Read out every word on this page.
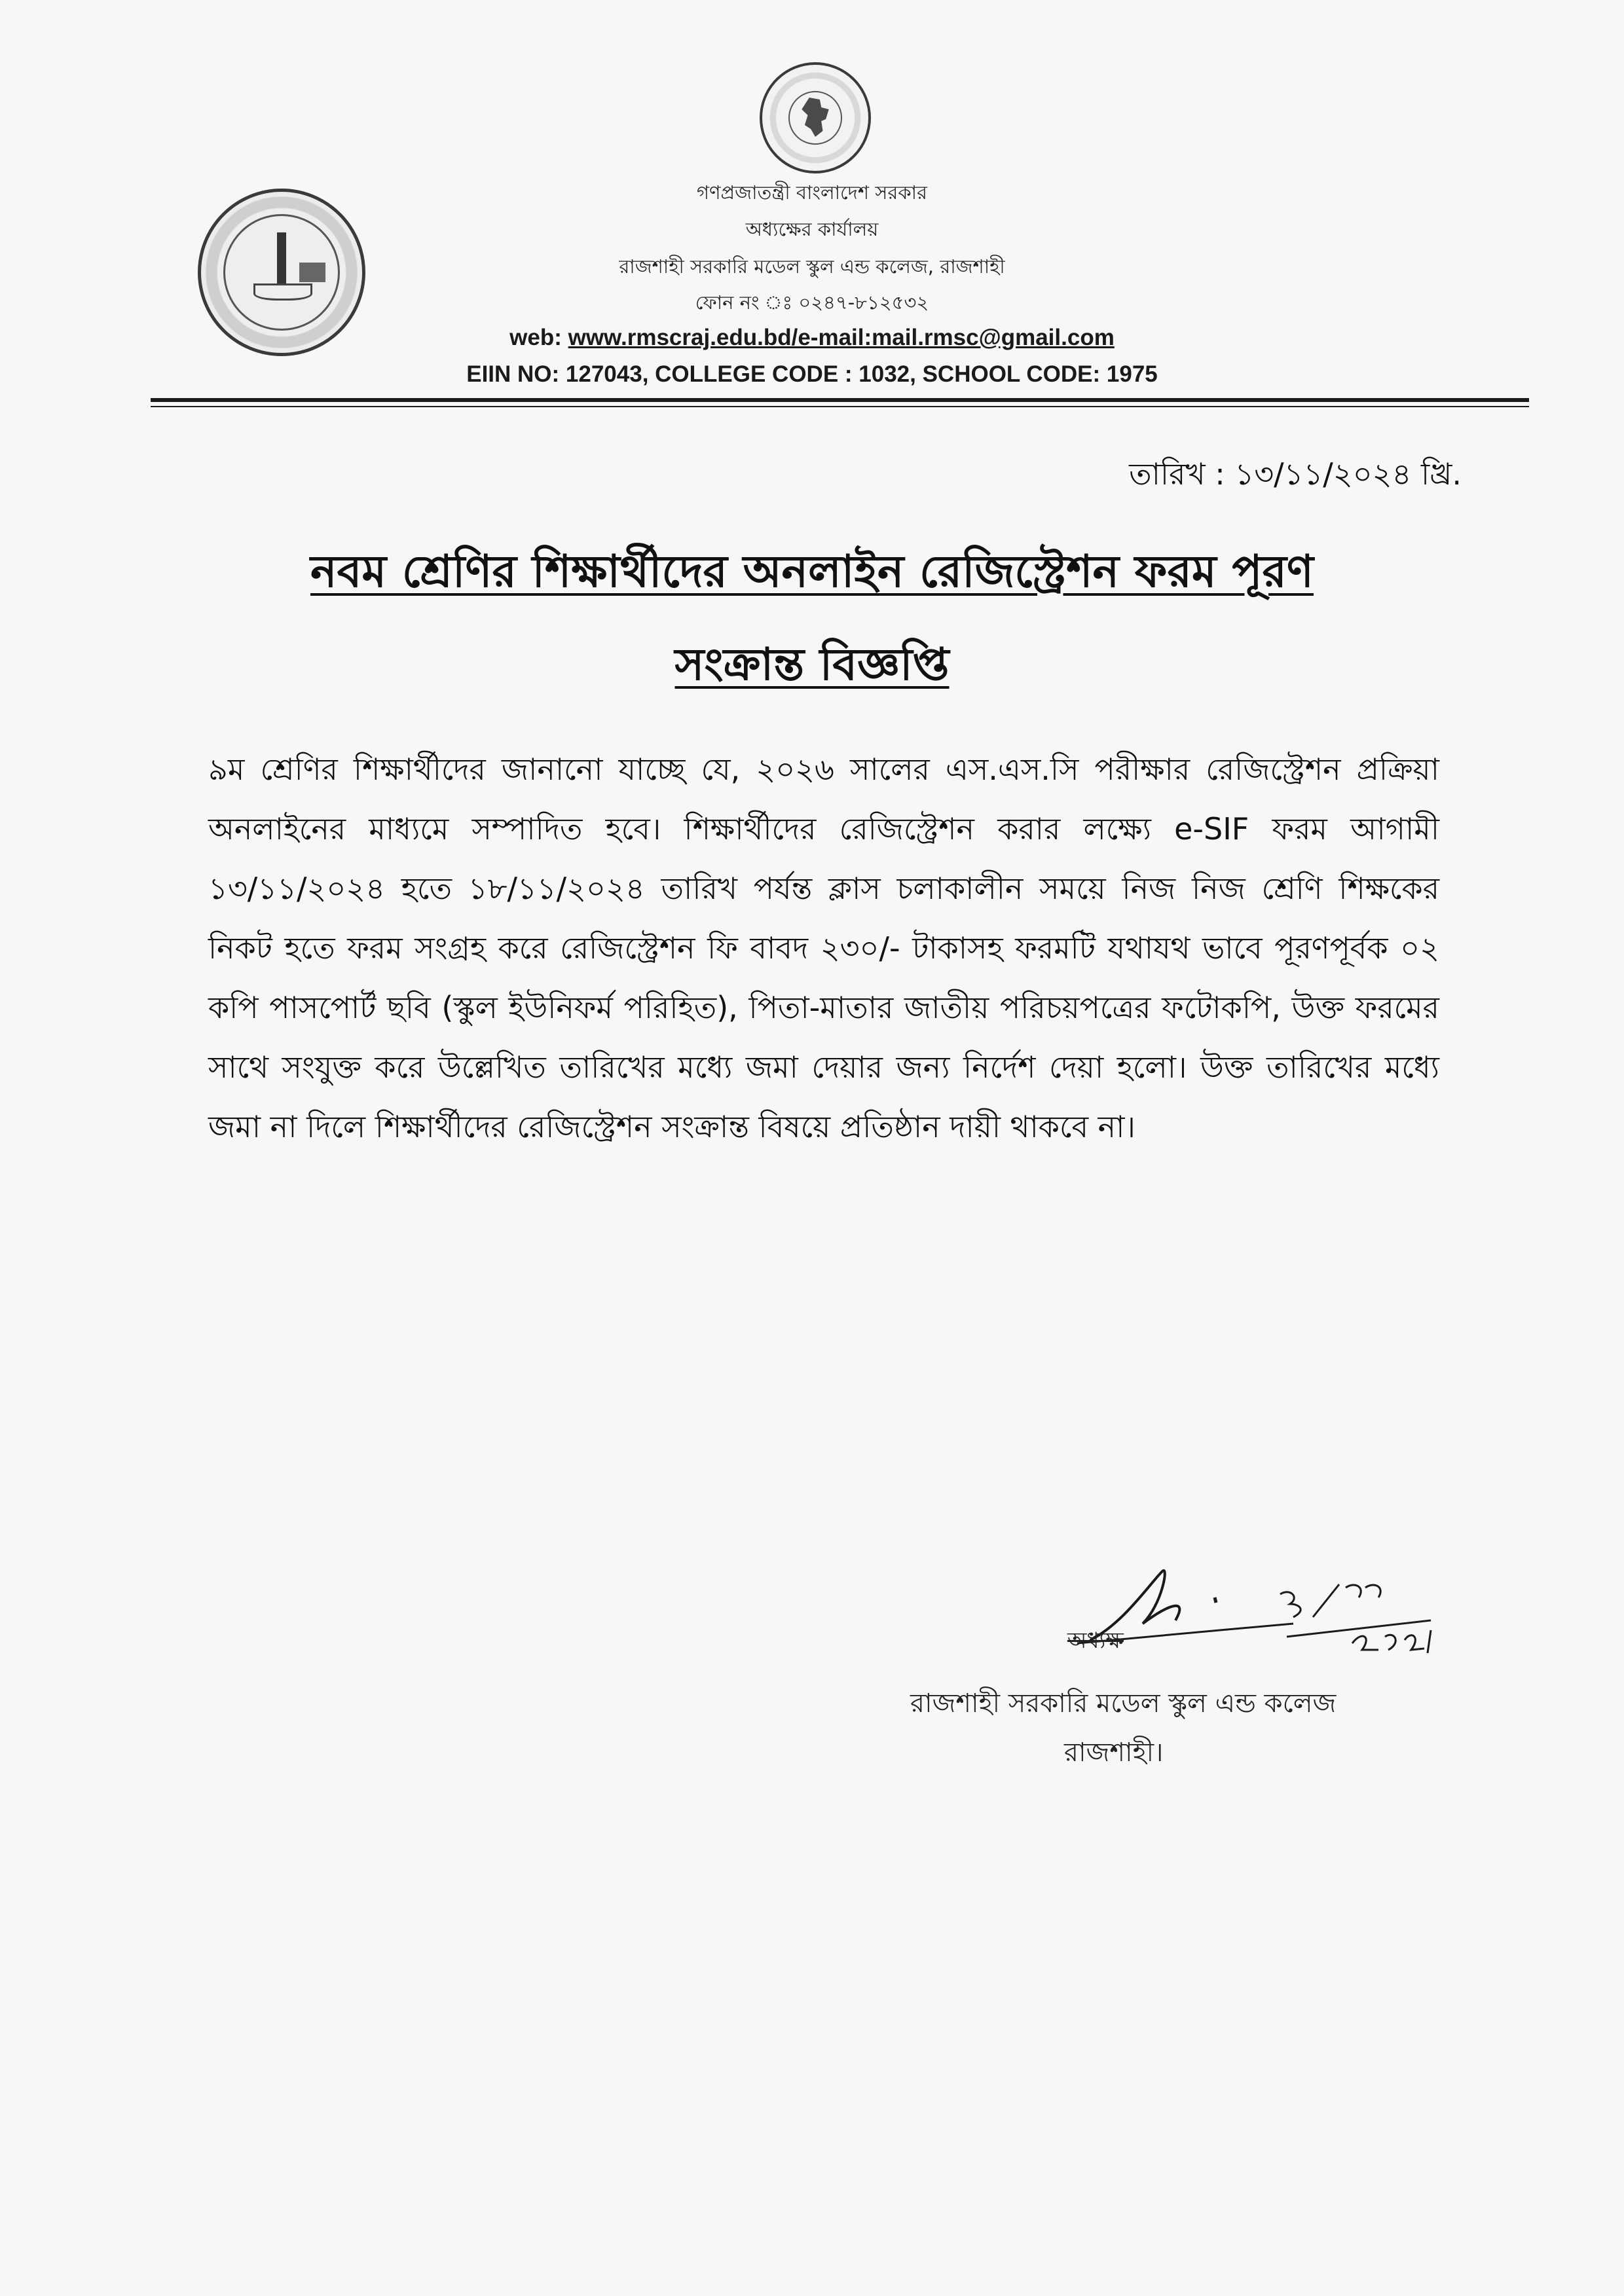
গণপ্রজাতন্ত্রী বাংলাদেশ সরকার
অধ্যক্ষের কার্যালয়
রাজশাহী সরকারি মডেল স্কুল এন্ড কলেজ, রাজশাহী
ফোন নং ঃ ০২৪৭-৮১২৫৩২
web: www.rmscraj.edu.bd/e-mail:mail.rmsc@gmail.com
EIIN NO: 127043, COLLEGE CODE : 1032, SCHOOL CODE: 1975
তারিখ : ১৩/১১/২০২৪ খ্রি.
নবম শ্রেণির শিক্ষার্থীদের অনলাইন রেজিস্ট্রেশন ফরম পূরণ
সংক্রান্ত বিজ্ঞপ্তি
৯ম শ্রেণির শিক্ষার্থীদের জানানো যাচ্ছে যে, ২০২৬ সালের এস.এস.সি পরীক্ষার রেজিস্ট্রেশন প্রক্রিয়া অনলাইনের মাধ্যমে সম্পাদিত হবে। শিক্ষার্থীদের রেজিস্ট্রেশন করার লক্ষ্যে e-SIF ফরম আগামী ১৩/১১/২০২৪ হতে ১৮/১১/২০২৪ তারিখ পর্যন্ত ক্লাস চলাকালীন সময়ে নিজ নিজ শ্রেণি শিক্ষকের নিকট হতে ফরম সংগ্রহ করে রেজিস্ট্রেশন ফি বাবদ ২৩০/- টাকাসহ ফরমটি যথাযথ ভাবে পূরণপূর্বক ০২ কপি পাসপোর্ট ছবি (স্কুল ইউনিফর্ম পরিহিত), পিতা-মাতার জাতীয় পরিচয়পত্রের ফটোকপি, উক্ত ফরমের সাথে সংযুক্ত করে উল্লেখিত তারিখের মধ্যে জমা দেয়ার জন্য নির্দেশ দেয়া হলো। উক্ত তারিখের মধ্যে জমা না দিলে শিক্ষার্থীদের রেজিস্ট্রেশন সংক্রান্ত বিষয়ে প্রতিষ্ঠান দায়ী থাকবে না।
অধ্যক্ষ
রাজশাহী সরকারি মডেল স্কুল এন্ড কলেজ
রাজশাহী।
